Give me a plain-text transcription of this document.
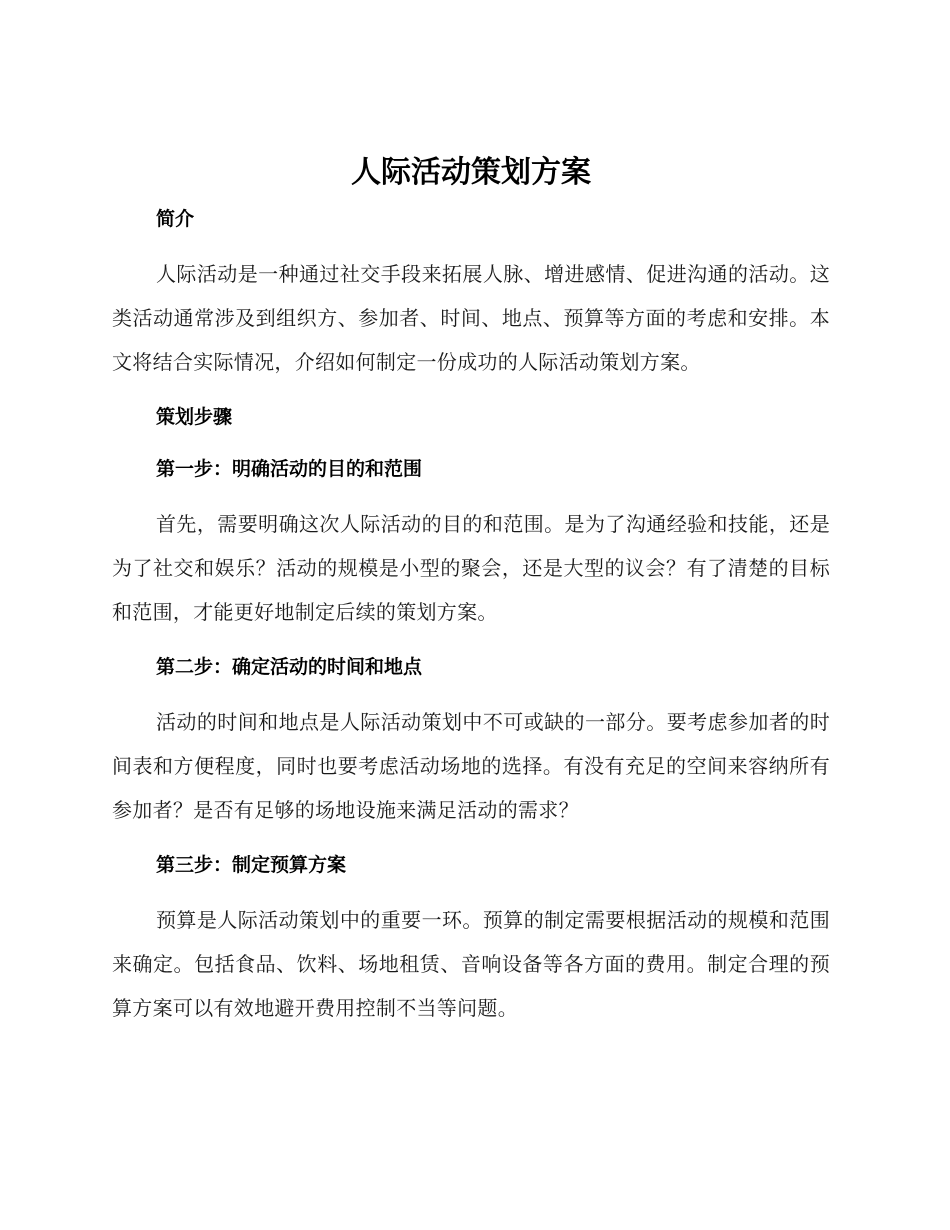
人际活动策划方案
简介

人际活动是一种通过社交手段来拓展人脉、增进感情、促进沟通的活动。这类活动通常涉及到组织方、参加者、时间、地点、预算等方面的考虑和安排。本文将结合实际情况，介绍如何制定一份成功的人际活动策划方案。

策划步骤
第一步：明确活动的目的和范围

首先，需要明确这次人际活动的目的和范围。是为了沟通经验和技能，还是为了社交和娱乐？活动的规模是小型的聚会，还是大型的议会？有了清楚的目标和范围，才能更好地制定后续的策划方案。

第二步：确定活动的时间和地点

活动的时间和地点是人际活动策划中不可或缺的一部分。要考虑参加者的时间表和方便程度，同时也要考虑活动场地的选择。有没有充足的空间来容纳所有参加者？是否有足够的场地设施来满足活动的需求？

第三步：制定预算方案

预算是人际活动策划中的重要一环。预算的制定需要根据活动的规模和范围来确定。包括食品、饮料、场地租赁、音响设备等各方面的费用。制定合理的预算方案可以有效地避开费用控制不当等问题。
